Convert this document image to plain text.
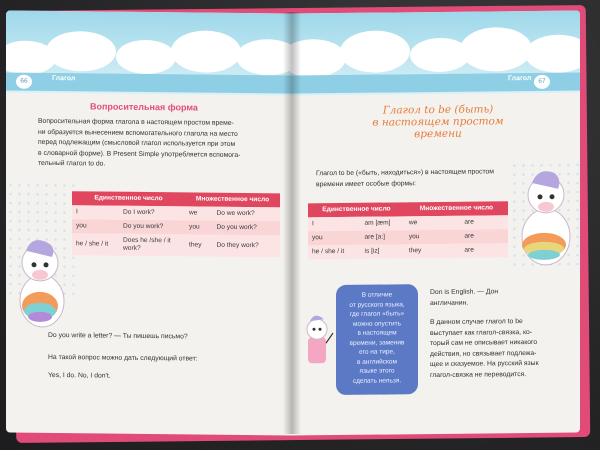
Глагол
66
Вопросительная форма
Вопросительная форма глагола в настоящем простом време-
ни образуется вынесением вспомогательного глагола на место
перед подлежащим (смысловой глагол используется при этом
в словарной форме). В Present Simple употребляется вспомога-
тельный глагол to do.
Единственное число		Множественное число	
I	Do I work?	we	Do we work?
you	Do you work?	you	Do you work?
he / she / it	Does he /she / it work?	they	Do they work?
Do you write a letter? — Ты пишешь письмо?
На такой вопрос можно дать следующий ответ:
Yes, I do. No, I don't.
Глагол	67
Глагол to be (быть)
в настоящем простом
времени
Глагол to be («быть, находиться») в настоящем простом
времени имеет особые формы:
Единственное число		Множественное число	
I	am [æm]	we	are
you	are [a:]	you	are
he / she / it	is [iz]	they	are
В отличие
от русского языка,
где глагол «быть»
можно опустить
в настоящем
времени, заменив
его на тире,
в английском
языке этого
сделать нельзя.
Don is English. — Дон
англичанин.
В данном случае глагол to be
выступает как глагол-связка, ко-
торый сам не описывает никакого
действия, но связывает подлежа-
щее и сказуемое. На русский язык
глагол-связка не переводится.
